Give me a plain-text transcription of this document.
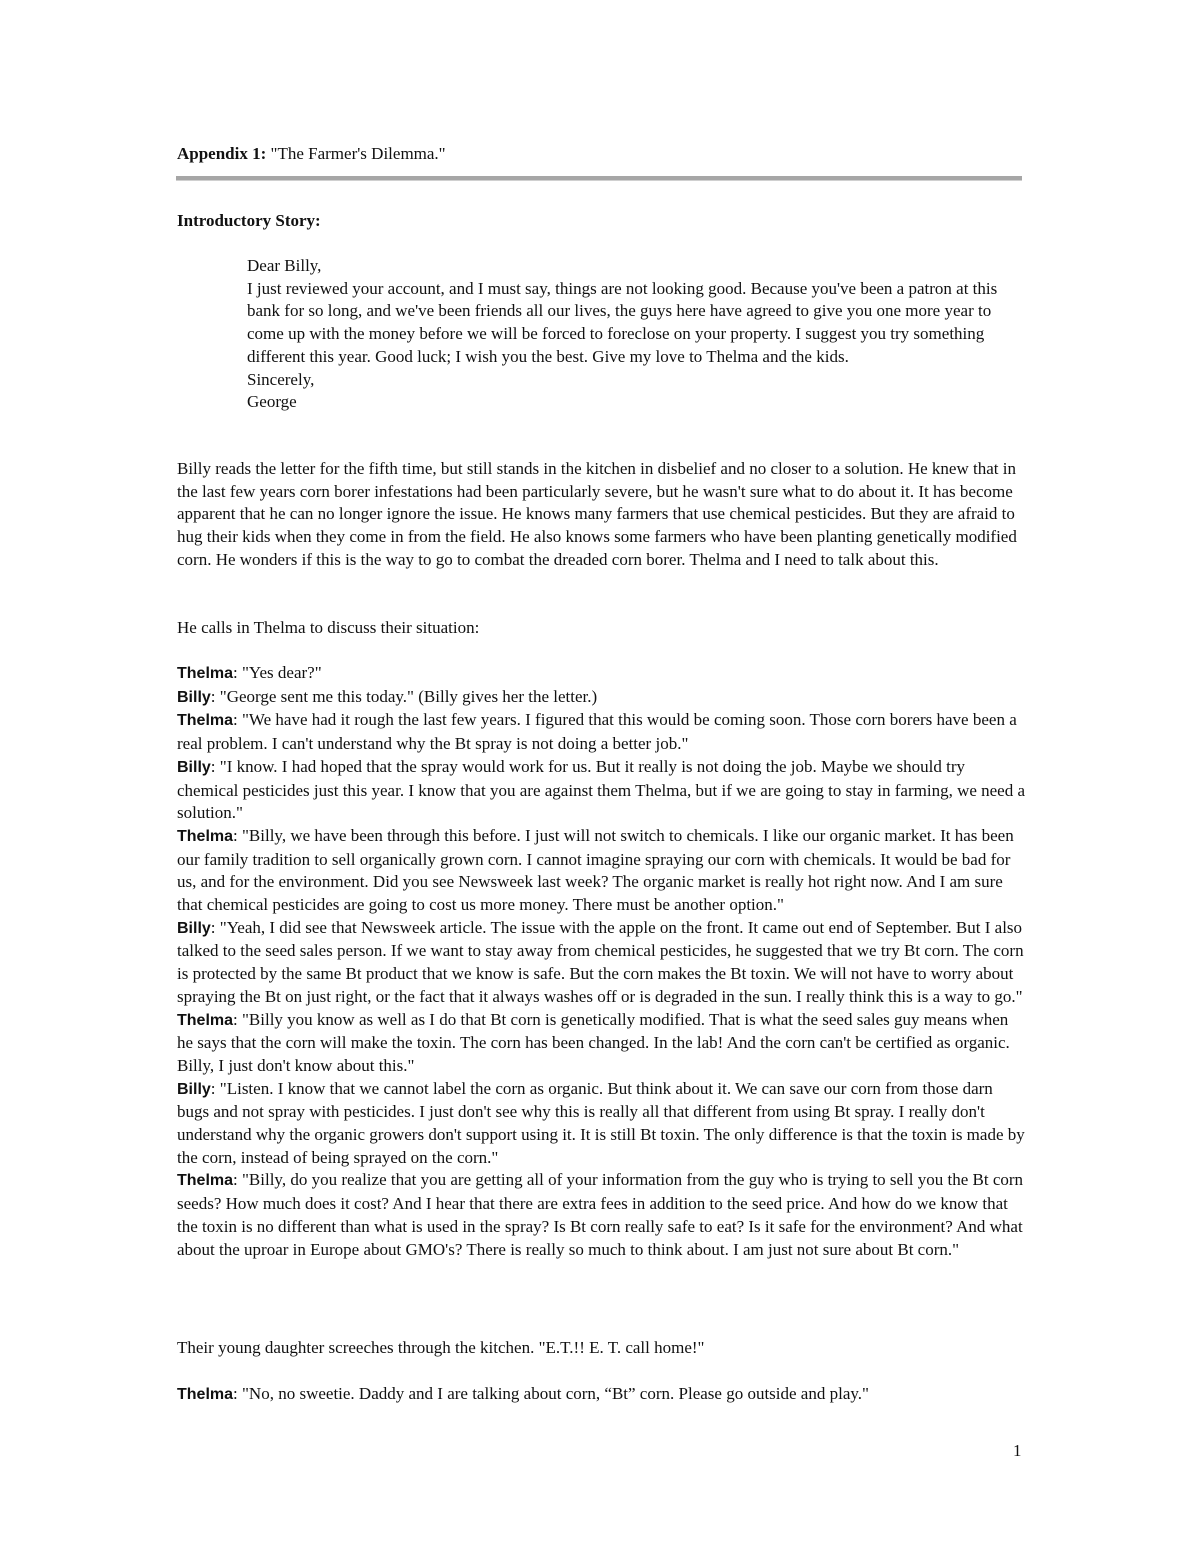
Appendix 1: "The Farmer's Dilemma."
Introductory Story:

Dear Billy,

I just reviewed your account, and I must say, things are not looking good. Because you've been a patron at this bank for so long, and we've been friends all our lives, the guys here have agreed to give you one more year to come up with the money before we will be forced to foreclose on your property. I suggest you try something different this year. Good luck; I wish you the best. Give my love to Thelma and the kids.

Sincerely,

George

Billy reads the letter for the fifth time, but still stands in the kitchen in disbelief and no closer to a solution. He knew that in the last few years corn borer infestations had been particularly severe, but he wasn't sure what to do about it. It has become apparent that he can no longer ignore the issue. He knows many farmers that use chemical pesticides. But they are afraid to hug their kids when they come in from the field. He also knows some farmers who have been planting genetically modified corn. He wonders if this is the way to go to combat the dreaded corn borer. Thelma and I need to talk about this.

He calls in Thelma to discuss their situation:

Thelma: "Yes dear?"

Billy: "George sent me this today." (Billy gives her the letter.)

Thelma: "We have had it rough the last few years. I figured that this would be coming soon. Those corn borers have been a real problem. I can't understand why the Bt spray is not doing a better job."

Billy: "I know. I had hoped that the spray would work for us. But it really is not doing the job. Maybe we should try chemical pesticides just this year. I know that you are against them Thelma, but if we are going to stay in farming, we need a solution."

Thelma: "Billy, we have been through this before. I just will not switch to chemicals. I like our organic market. It has been our family tradition to sell organically grown corn. I cannot imagine spraying our corn with chemicals. It would be bad for us, and for the environment. Did you see Newsweek last week? The organic market is really hot right now. And I am sure that chemical pesticides are going to cost us more money. There must be another option."

Billy: "Yeah, I did see that Newsweek article. The issue with the apple on the front. It came out end of September. But I also talked to the seed sales person. If we want to stay away from chemical pesticides, he suggested that we try Bt corn. The corn is protected by the same Bt product that we know is safe. But the corn makes the Bt toxin. We will not have to worry about spraying the Bt on just right, or the fact that it always washes off or is degraded in the sun. I really think this is a way to go."

Thelma: "Billy you know as well as I do that Bt corn is genetically modified. That is what the seed sales guy means when he says that the corn will make the toxin. The corn has been changed. In the lab! And the corn can't be certified as organic. Billy, I just don't know about this."

Billy: "Listen. I know that we cannot label the corn as organic. But think about it. We can save our corn from those darn bugs and not spray with pesticides. I just don't see why this is really all that different from using Bt spray. I really don't understand why the organic growers don't support using it. It is still Bt toxin. The only difference is that the toxin is made by the corn, instead of being sprayed on the corn."

Thelma: "Billy, do you realize that you are getting all of your information from the guy who is trying to sell you the Bt corn seeds? How much does it cost? And I hear that there are extra fees in addition to the seed price. And how do we know that the toxin is no different than what is used in the spray? Is Bt corn really safe to eat? Is it safe for the environment? And what about the uproar in Europe about GMO's? There is really so much to think about. I am just not sure about Bt corn."

Their young daughter screeches through the kitchen. "E.T.!! E. T. call home!"

Thelma: "No, no sweetie. Daddy and I are talking about corn, “Bt” corn. Please go outside and play."

1
